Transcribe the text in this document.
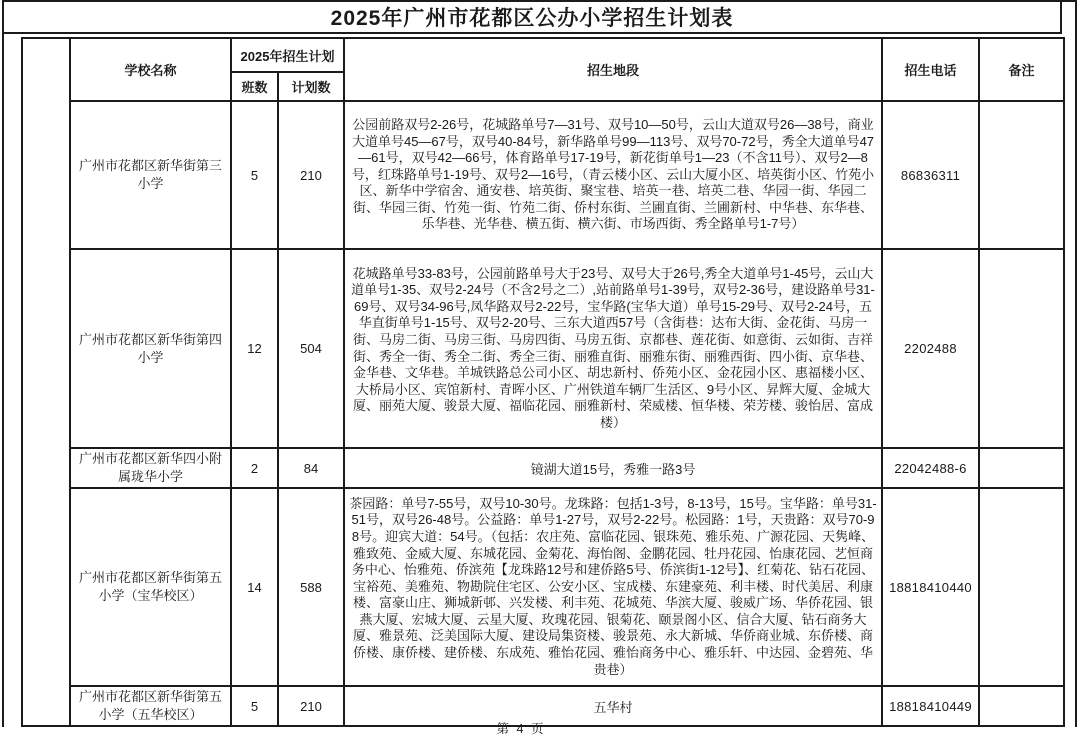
2025年广州市花都区公办小学招生计划表
	学校名称	2025年招生计划		招生地段	招生电话	备注
		班数	计划数			
	广州市花都区新华街第三小学	5	210	公园前路双号2-26号，花城路单号7—31号、双号10—50号，云山大道双号26—38号，商业大道单号45—67号，双号40-84号，新华路单号99—113号、双号70-72号，秀全大道单号47—61号，双号42—66号，体育路单号17-19号，新花街单号1—23（不含11号）、双号2—8号，红珠路单号1-19号、双号2—16号，（青云楼小区、云山大厦小区、培英街小区、竹苑小区、新华中学宿舍、通安巷、培英街、聚宝巷、培英一巷、培英二巷、华园一街、华园二街、华园三街、竹苑一街、竹苑二街、侨村东街、兰圃直街、兰圃新村、中华巷、东华巷、乐华巷、光华巷、横五街、横六街、市场西街、秀全路单号1-7号）	86836311	
	广州市花都区新华街第四小学	12	504	花城路单号33-83号，公园前路单号大于23号、双号大于26号,秀全大道单号1-45号，云山大道单号1-35、双号2-24号（不含2号之二）,站前路单号1-39号，双号2-36号，建设路单号31-69号、双号34-96号,凤华路双号2-22号，宝华路(宝华大道）单号15-29号、双号2-24号，五华直街单号1-15号、双号2-20号、三东大道西57号（含街巷：达布大街、金花街、马房一街、马房二街、马房三街、马房四街、马房五街、京都巷、莲花街、如意街、云如街、吉祥街、秀全一街、秀全二街、秀全三街、丽雅直街、丽雅东街、丽雅西街、四小街、京华巷、金华巷、文华巷。羊城铁路总公司小区、胡忠新村、侨苑小区、金花园小区、惠福楼小区、大桥局小区、宾馆新村、青晖小区、广州铁道车辆厂生活区、9号小区、昇辉大厦、金城大厦、丽苑大厦、骏景大厦、福临花园、丽雅新村、荣威楼、恒华楼、荣芳楼、骏怡居、富成楼）	2202488	
	广州市花都区新华四小附属珑华小学	2	84	镜湖大道15号，秀雅一路3号	22042488-6	
	广州市花都区新华街第五小学（宝华校区）	14	588	茶园路：单号7-55号，双号10-30号。龙珠路：包括1-3号，8-13号，15号。宝华路：单号31-51号，双号26-48号。公益路：单号1-27号，双号2-22号。松园路：1号，天贵路：双号70-98号。迎宾大道：54号。（包括：农庄苑、富临花园、银珠苑、雅乐苑、广源花园、天隽峰、雅致苑、金威大厦、东城花园、金菊花、海怡阁、金鹏花园、牡丹花园、怡康花园、艺恒商务中心、怡雅苑、侨滨苑【龙珠路12号和建侨路5号、侨滨街1-12号】、红菊花、钻石花园、宝裕苑、美雅苑、物勘院住宅区、公安小区、宝成楼、东建豪苑、利丰楼、时代美居、利康楼、富豪山庄、狮城新邨、兴发楼、利丰苑、花城苑、华滨大厦、骏威广场、华侨花园、银燕大厦、宏城大厦、云星大厦、玫瑰花园、银菊花、颐景阁小区、信合大厦、钻石商务大厦、雅景苑、泛美国际大厦、建设局集资楼、骏景苑、永大新城、华侨商业城、东侨楼、商侨楼、康侨楼、建侨楼、东成苑、雅怡花园、雅怡商务中心、雅乐轩、中达园、金碧苑、华贵巷）	18818410440	
	广州市花都区新华街第五小学（五华校区）	5	210	五华村	18818410449	
第 4 页
